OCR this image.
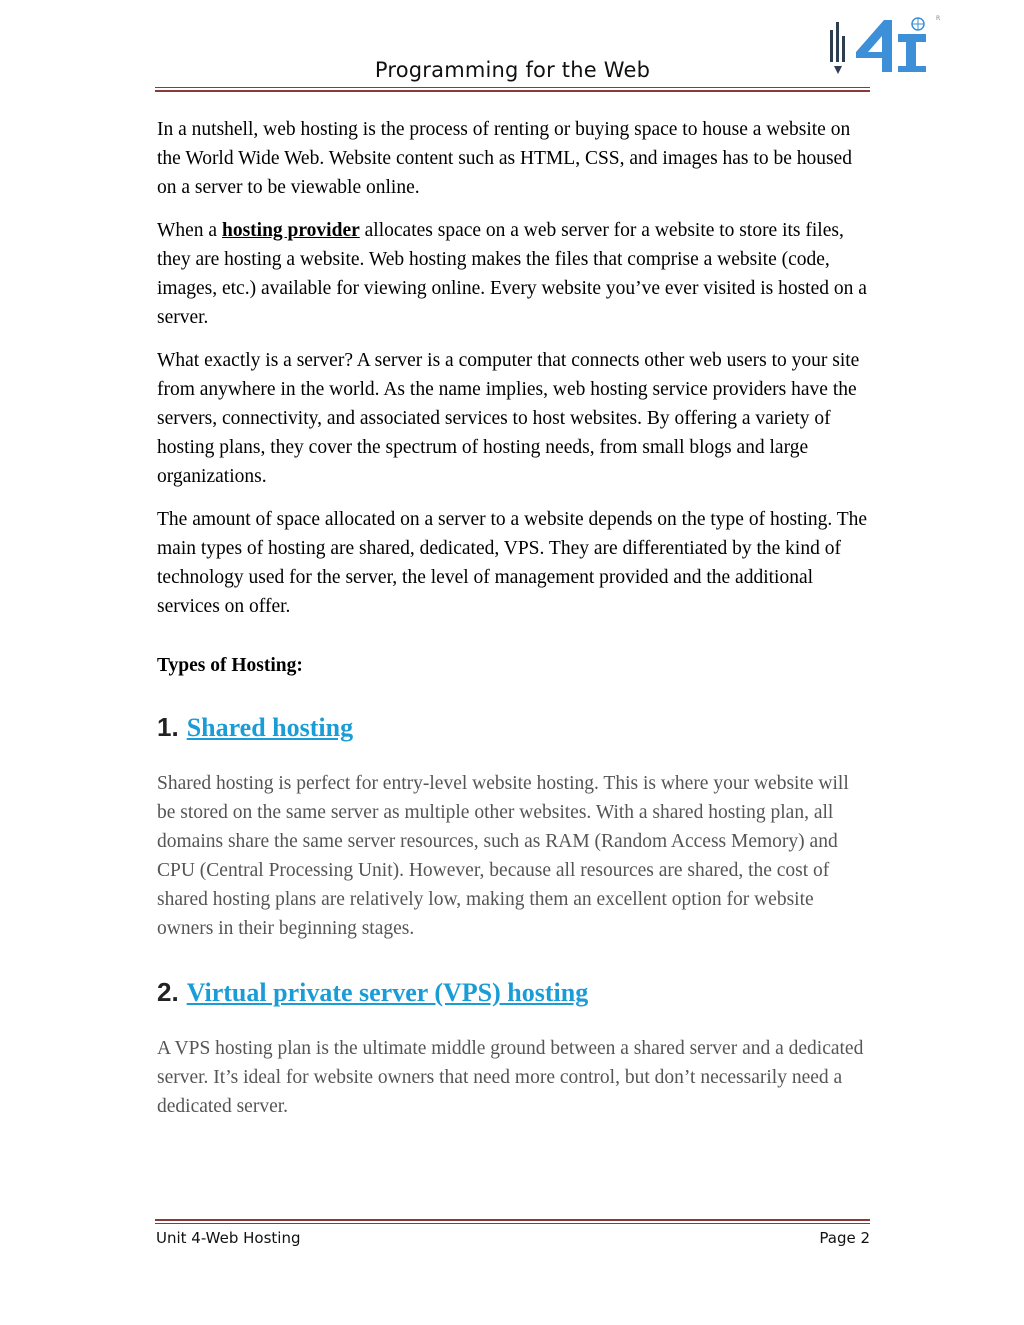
Programming for the Web
R

In a nutshell, web hosting is the process of renting or buying space to house a website on the World Wide Web. Website content such as HTML, CSS, and images has to be housed on a server to be viewable online.

When a hosting provider allocates space on a web server for a website to store its files, they are hosting a website. Web hosting makes the files that comprise a website (code, images, etc.) available for viewing online. Every website you’ve ever visited is hosted on a server.

What exactly is a server? A server is a computer that connects other web users to your site from anywhere in the world. As the name implies, web hosting service providers have the servers, connectivity, and associated services to host websites. By offering a variety of hosting plans, they cover the spectrum of hosting needs, from small blogs and large organizations.

The amount of space allocated on a server to a website depends on the type of hosting. The main types of hosting are shared, dedicated, VPS. They are differentiated by the kind of technology used for the server, the level of management provided and the additional services on offer.

Types of Hosting:

1. Shared hosting

Shared hosting is perfect for entry-level website hosting. This is where your website will be stored on the same server as multiple other websites. With a shared hosting plan, all domains share the same server resources, such as RAM (Random Access Memory) and CPU (Central Processing Unit). However, because all resources are shared, the cost of shared hosting plans are relatively low, making them an excellent option for website owners in their beginning stages.

2. Virtual private server (VPS) hosting

A VPS hosting plan is the ultimate middle ground between a shared server and a dedicated server. It’s ideal for website owners that need more control, but don’t necessarily need a dedicated server.

Unit 4-Web Hosting	Page 2
